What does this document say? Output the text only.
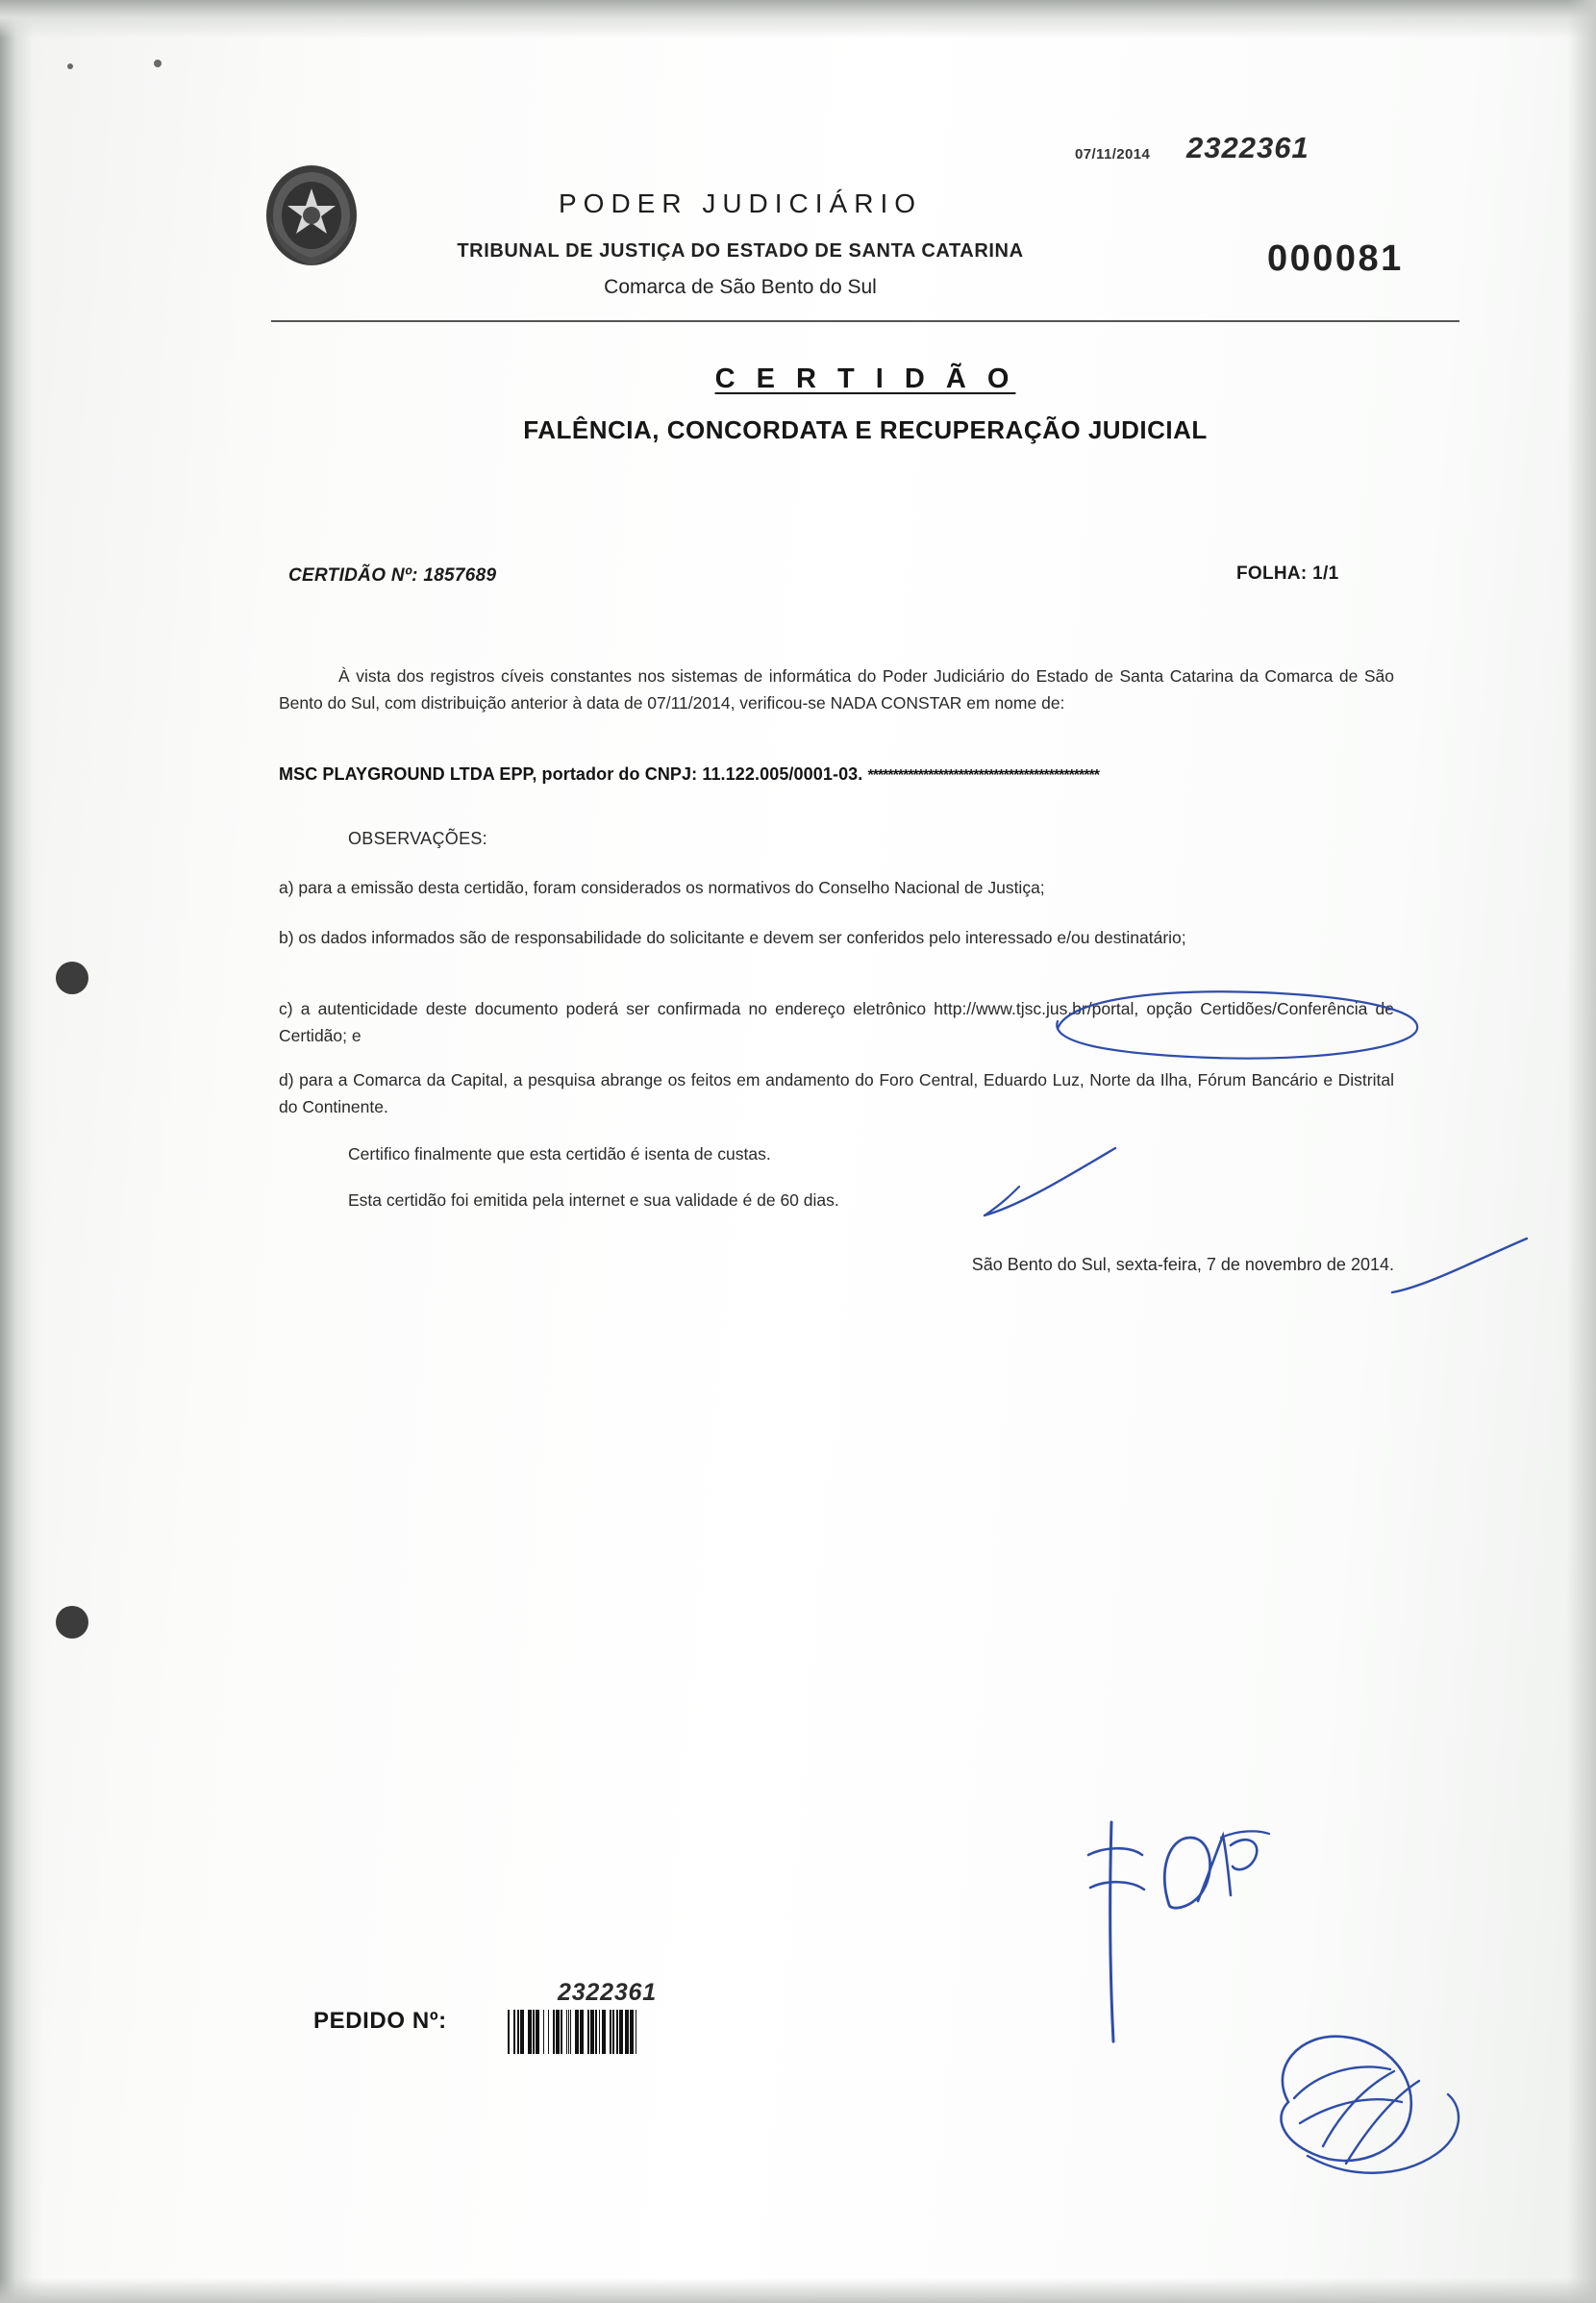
07/11/2014 2322361
000081
PODER JUDICIÁRIO
TRIBUNAL DE JUSTIÇA DO ESTADO DE SANTA CATARINA
Comarca de São Bento do Sul
C E R T I D Ã O
FALÊNCIA, CONCORDATA E RECUPERAÇÃO JUDICIAL
CERTIDÃO Nº: 1857689	FOLHA: 1/1
À vista dos registros cíveis constantes nos sistemas de informática do Poder Judiciário do Estado de Santa Catarina da Comarca de São Bento do Sul, com distribuição anterior à data de 07/11/2014, verificou-se NADA CONSTAR em nome de:
MSC PLAYGROUND LTDA EPP, portador do CNPJ: 11.122.005/0001-03. **********************************************
OBSERVAÇÕES:
a) para a emissão desta certidão, foram considerados os normativos do Conselho Nacional de Justiça;
b) os dados informados são de responsabilidade do solicitante e devem ser conferidos pelo interessado e/ou destinatário;
c) a autenticidade deste documento poderá ser confirmada no endereço eletrônico http://www.tjsc.jus.br/portal, opção Certidões/Conferência de Certidão; e
d) para a Comarca da Capital, a pesquisa abrange os feitos em andamento do Foro Central, Eduardo Luz, Norte da Ilha, Fórum Bancário e Distrital do Continente.
Certifico finalmente que esta certidão é isenta de custas.
Esta certidão foi emitida pela internet e sua validade é de 60 dias.
São Bento do Sul, sexta-feira, 7 de novembro de 2014.
PEDIDO Nº:
2322361
